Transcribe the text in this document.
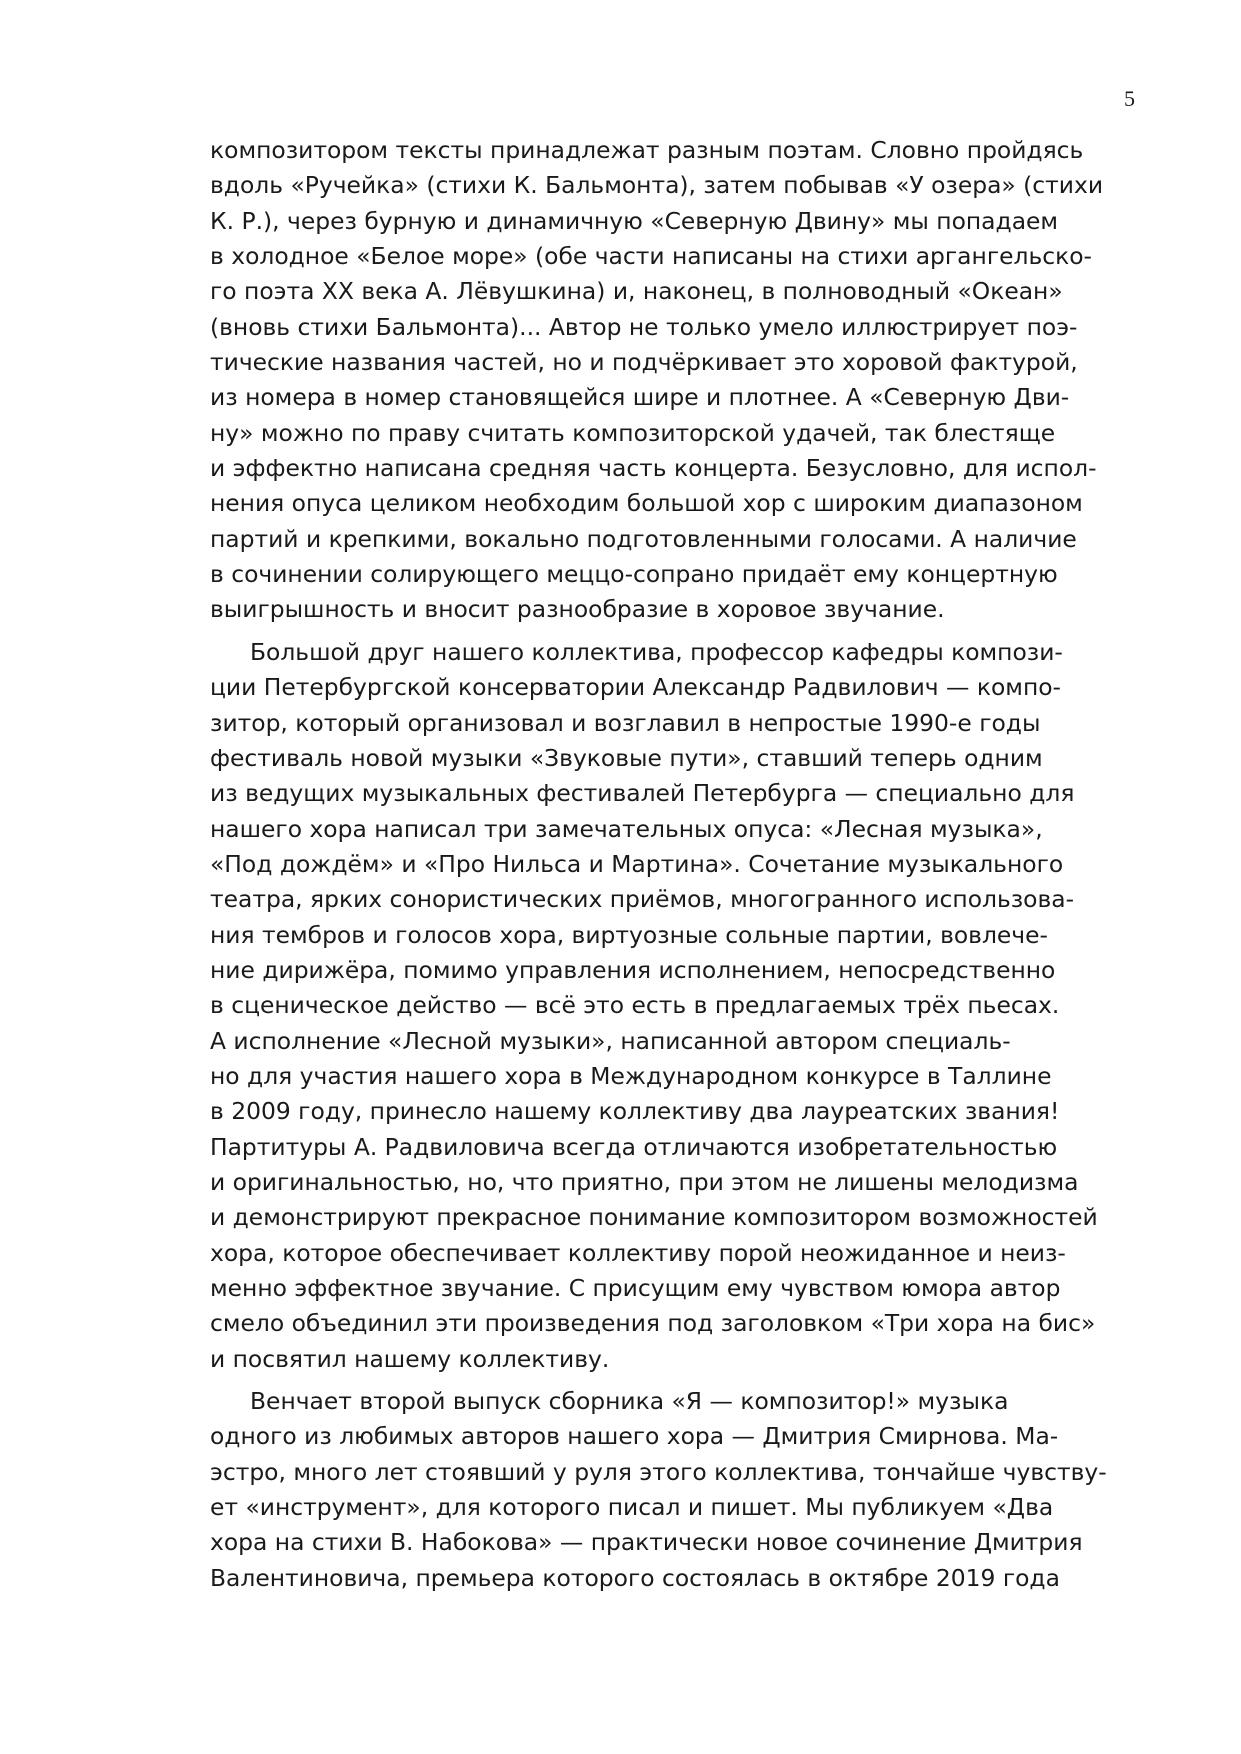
5
композитором тексты принадлежат разным поэтам. Словно пройдясь
вдоль «Ручейка» (стихи К. Бальмонта), затем побывав «У озера» (стихи
К. Р.), через бурную и динамичную «Северную Двину» мы попадаем
в холодное «Белое море» (обе части написаны на стихи аргангельско-
го поэта XX века А. Лёвушкина) и, наконец, в полноводный «Океан»
(вновь стихи Бальмонта)... Автор не только умело иллюстрирует поэ-
тические названия частей, но и подчёркивает это хоровой фактурой,
из номера в номер становящейся шире и плотнее. А «Северную Дви-
ну» можно по праву считать композиторской удачей, так блестяще
и эффектно написана средняя часть концерта. Безусловно, для испол-
нения опуса целиком необходим большой хор с широким диапазоном
партий и крепкими, вокально подготовленными голосами. А наличие
в сочинении солирующего меццо-сопрано придаёт ему концертную
выигрышность и вносит разнообразие в хоровое звучание.
Большой друг нашего коллектива, профессор кафедры компози-
ции Петербургской консерватории Александр Радвилович — компо-
зитор, который организовал и возглавил в непростые 1990-е годы
фестиваль новой музыки «Звуковые пути», ставший теперь одним
из ведущих музыкальных фестивалей Петербурга — специально для
нашего хора написал три замечательных опуса: «Лесная музыка»,
«Под дождём» и «Про Нильса и Мартина». Сочетание музыкального
театра, ярких сонористических приёмов, многогранного использова-
ния тембров и голосов хора, виртуозные сольные партии, вовлече-
ние дирижёра, помимо управления исполнением, непосредственно
в сценическое действо — всё это есть в предлагаемых трёх пьесах.
А исполнение «Лесной музыки», написанной автором специаль-
но для участия нашего хора в Международном конкурсе в Таллине
в 2009 году, принесло нашему коллективу два лауреатских звания!
Партитуры А. Радвиловича всегда отличаются изобретательностью
и оригинальностью, но, что приятно, при этом не лишены мелодизма
и демонстрируют прекрасное понимание композитором возможностей
хора, которое обеспечивает коллективу порой неожиданное и неиз-
менно эффектное звучание. С присущим ему чувством юмора автор
смело объединил эти произведения под заголовком «Три хора на бис»
и посвятил нашему коллективу.
Венчает второй выпуск сборника «Я — композитор!» музыка
одного из любимых авторов нашего хора — Дмитрия Смирнова. Ма-
эстро, много лет стоявший у руля этого коллектива, тончайше чувству-
ет «инструмент», для которого писал и пишет. Мы публикуем «Два
хора на стихи В. Набокова» — практически новое сочинение Дмитрия
Валентиновича, премьера которого состоялась в октябре 2019 года
